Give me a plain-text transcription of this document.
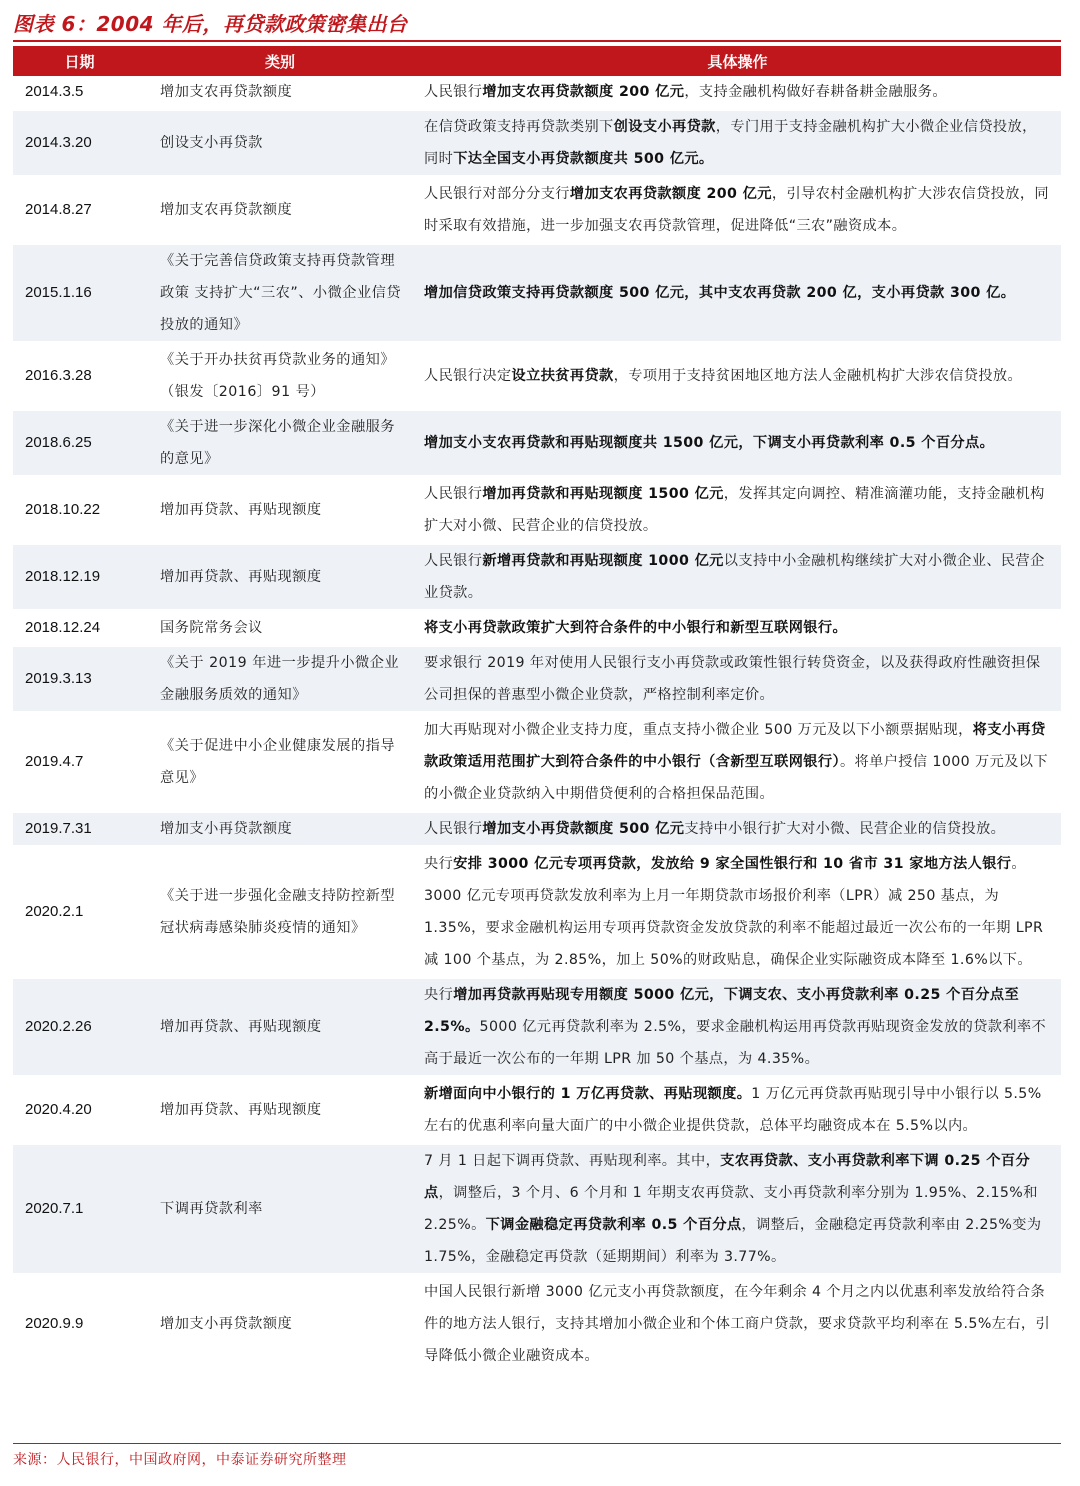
图表 6：2004 年后，再贷款政策密集出台
日期	类别	具体操作
2014.3.5	增加支农再贷款额度	人民银行增加支农再贷款额度 200 亿元，支持金融机构做好春耕备耕金融服务。
2014.3.20	创设支小再贷款	在信贷政策支持再贷款类别下创设支小再贷款，专门用于支持金融机构扩大小微企业信贷投放，同时下达全国支小再贷款额度共 500 亿元。
2014.8.27	增加支农再贷款额度	人民银行对部分分支行增加支农再贷款额度 200 亿元，引导农村金融机构扩大涉农信贷投放，同时采取有效措施，进一步加强支农再贷款管理，促进降低“三农”融资成本。
2015.1.16	《关于完善信贷政策支持再贷款管理政策 支持扩大“三农”、小微企业信贷投放的通知》	增加信贷政策支持再贷款额度 500 亿元，其中支农再贷款 200 亿，支小再贷款 300 亿。
2016.3.28	《关于开办扶贫再贷款业务的通知》（银发〔2016〕91 号）	人民银行决定设立扶贫再贷款，专项用于支持贫困地区地方法人金融机构扩大涉农信贷投放。
2018.6.25	《关于进一步深化小微企业金融服务的意见》	增加支小支农再贷款和再贴现额度共 1500 亿元，下调支小再贷款利率 0.5 个百分点。
2018.10.22	增加再贷款、再贴现额度	人民银行增加再贷款和再贴现额度 1500 亿元，发挥其定向调控、精准滴灌功能，支持金融机构扩大对小微、民营企业的信贷投放。
2018.12.19	增加再贷款、再贴现额度	人民银行新增再贷款和再贴现额度 1000 亿元以支持中小金融机构继续扩大对小微企业、民营企业贷款。
2018.12.24	国务院常务会议	将支小再贷款政策扩大到符合条件的中小银行和新型互联网银行。
2019.3.13	《关于 2019 年进一步提升小微企业金融服务质效的通知》	要求银行 2019 年对使用人民银行支小再贷款或政策性银行转贷资金，以及获得政府性融资担保公司担保的普惠型小微企业贷款，严格控制利率定价。
2019.4.7	《关于促进中小企业健康发展的指导意见》	加大再贴现对小微企业支持力度，重点支持小微企业 500 万元及以下小额票据贴现，将支小再贷款政策适用范围扩大到符合条件的中小银行（含新型互联网银行）。将单户授信 1000 万元及以下的小微企业贷款纳入中期借贷便利的合格担保品范围。
2019.7.31	增加支小再贷款额度	人民银行增加支小再贷款额度 500 亿元支持中小银行扩大对小微、民营企业的信贷投放。
2020.2.1	《关于进一步强化金融支持防控新型冠状病毒感染肺炎疫情的通知》	央行安排 3000 亿元专项再贷款，发放给 9 家全国性银行和 10 省市 31 家地方法人银行。3000 亿元专项再贷款发放利率为上月一年期贷款市场报价利率（LPR）减 250 基点，为 1.35%，要求金融机构运用专项再贷款资金发放贷款的利率不能超过最近一次公布的一年期 LPR 减 100 个基点，为 2.85%，加上 50%的财政贴息，确保企业实际融资成本降至 1.6%以下。
2020.2.26	增加再贷款、再贴现额度	央行增加再贷款再贴现专用额度 5000 亿元，下调支农、支小再贷款利率 0.25 个百分点至 2.5%。5000 亿元再贷款利率为 2.5%，要求金融机构运用再贷款再贴现资金发放的贷款利率不高于最近一次公布的一年期 LPR 加 50 个基点，为 4.35%。
2020.4.20	增加再贷款、再贴现额度	新增面向中小银行的 1 万亿再贷款、再贴现额度。1 万亿元再贷款再贴现引导中小银行以 5.5%左右的优惠利率向量大面广的中小微企业提供贷款，总体平均融资成本在 5.5%以内。
2020.7.1	下调再贷款利率	7 月 1 日起下调再贷款、再贴现利率。其中，支农再贷款、支小再贷款利率下调 0.25 个百分点，调整后，3 个月、6 个月和 1 年期支农再贷款、支小再贷款利率分别为 1.95%、2.15%和 2.25%。下调金融稳定再贷款利率 0.5 个百分点，调整后，金融稳定再贷款利率由 2.25%变为 1.75%，金融稳定再贷款（延期期间）利率为 3.77%。
2020.9.9	增加支小再贷款额度	中国人民银行新增 3000 亿元支小再贷款额度，在今年剩余 4 个月之内以优惠利率发放给符合条件的地方法人银行，支持其增加小微企业和个体工商户贷款，要求贷款平均利率在 5.5%左右，引导降低小微企业融资成本。
来源：人民银行，中国政府网，中泰证券研究所整理
